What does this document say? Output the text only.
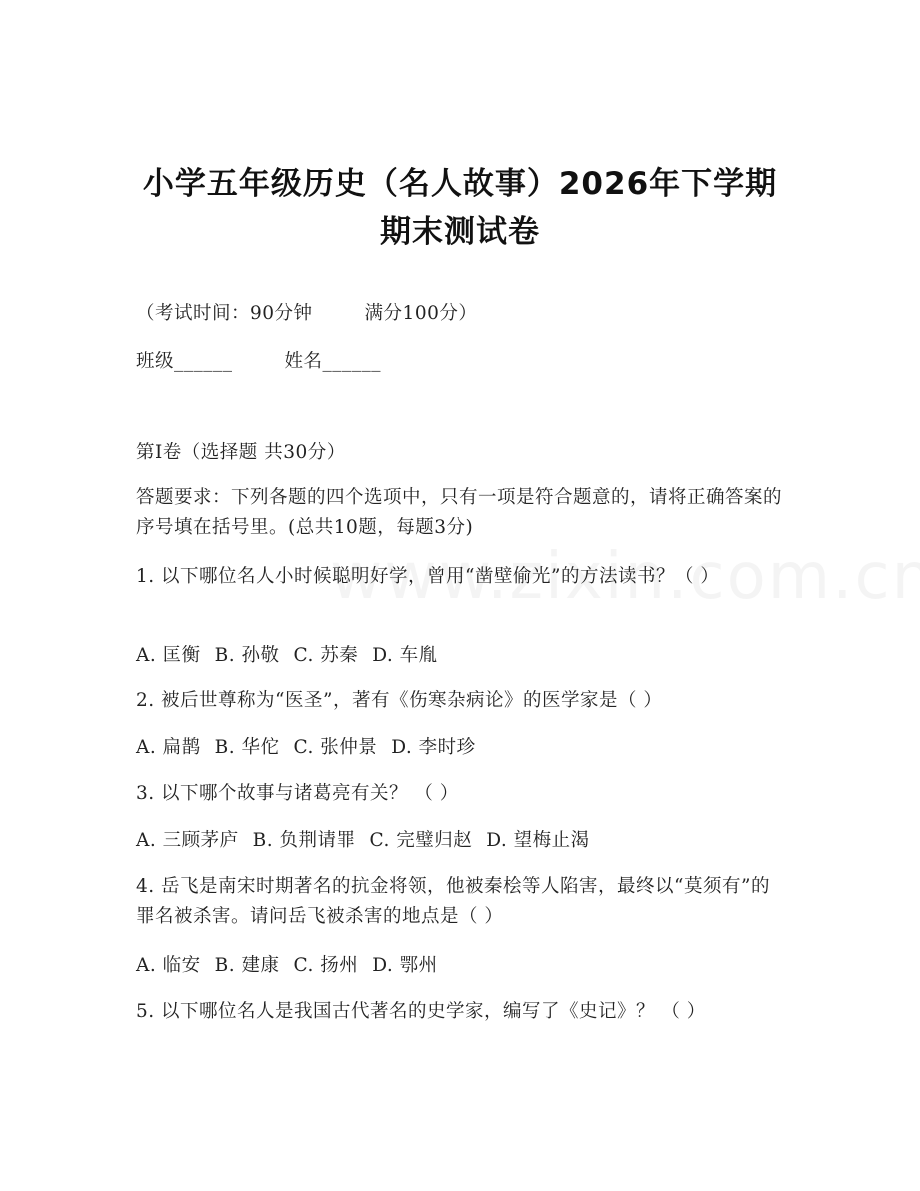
小学五年级历史（名人故事）2026年下学期
期末测试卷
（考试时间：90分钟	满分100分）
班级______	姓名______
第Ⅰ卷（选择题 共30分）
答题要求：下列各题的四个选项中，只有一项是符合题意的，请将正确答案的序号填在括号里。(总共10题，每题3分)
1. 以下哪位名人小时候聪明好学，曾用“凿壁偷光”的方法读书？（ ）
A. 匡衡 B. 孙敬 C. 苏秦 D. 车胤
2. 被后世尊称为“医圣”，著有《伤寒杂病论》的医学家是（ ）
A. 扁鹊 B. 华佗 C. 张仲景 D. 李时珍
3. 以下哪个故事与诸葛亮有关？ （ ）
A. 三顾茅庐 B. 负荆请罪 C. 完璧归赵 D. 望梅止渴
4. 岳飞是南宋时期著名的抗金将领，他被秦桧等人陷害，最终以“莫须有”的罪名被杀害。请问岳飞被杀害的地点是（ ）
A. 临安 B. 建康 C. 扬州 D. 鄂州
5. 以下哪位名人是我国古代著名的史学家，编写了《史记》？ （ ）
